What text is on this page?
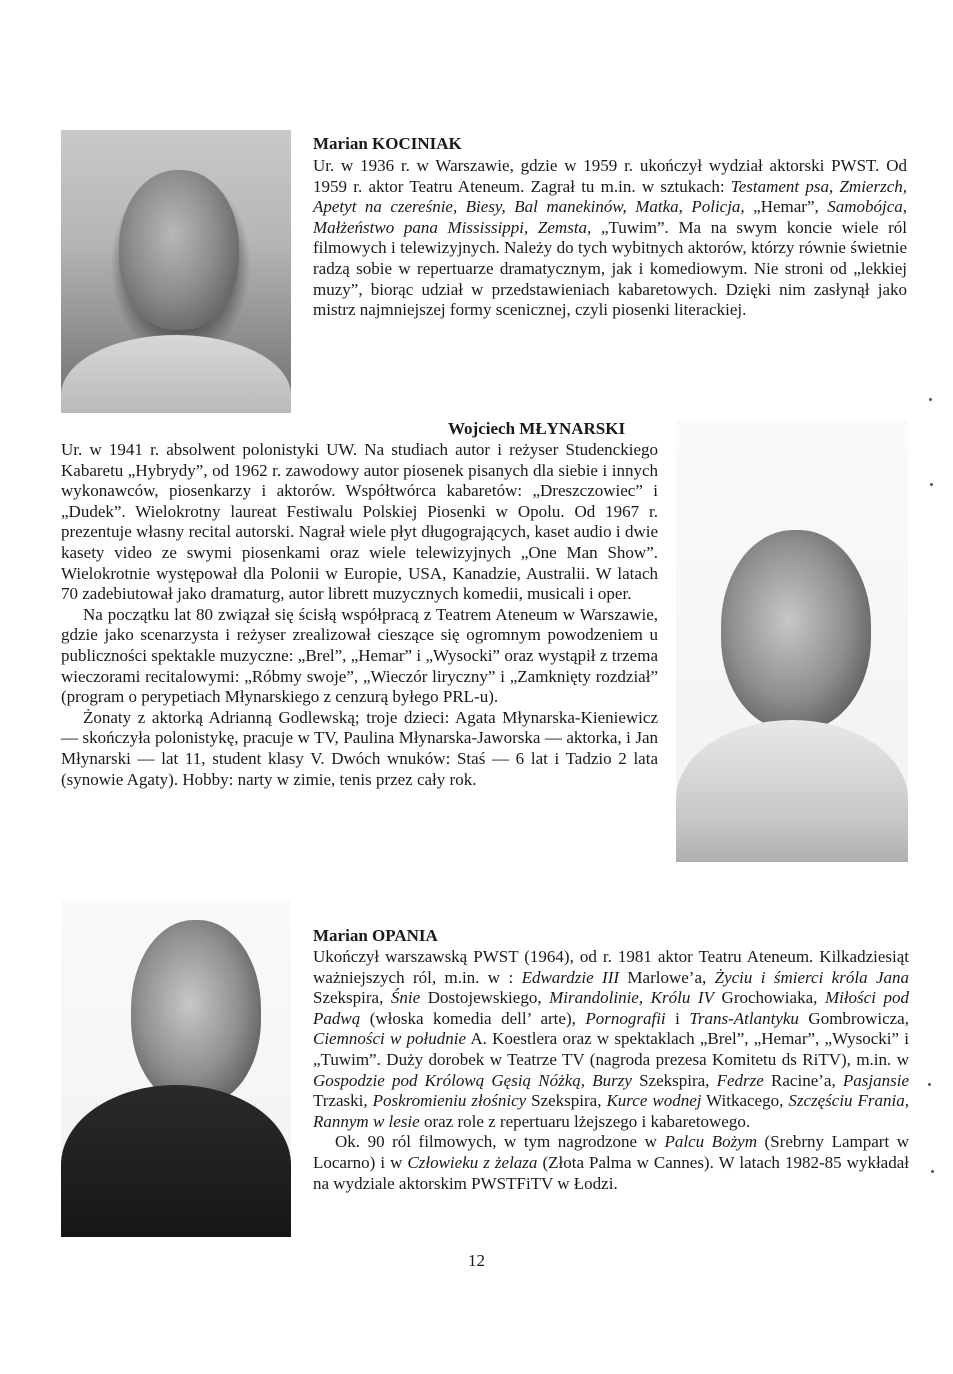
Marian KOCINIAK

Ur. w 1936 r. w Warszawie, gdzie w 1959 r. ukończył wydział aktorski PWST. Od 1959 r. aktor Teatru Ateneum. Zagrał tu m.in. w sztukach: Testament psa, Zmierzch, Apetyt na czereśnie, Biesy, Bal manekinów, Matka, Policja, „Hemar”, Samobójca, Małżeństwo pana Mississippi, Zemsta, „Tuwim”. Ma na swym koncie wiele ról filmowych i telewizyjnych. Należy do tych wybitnych aktorów, którzy równie świetnie radzą sobie w repertuarze dramatycznym, jak i komediowym. Nie stroni od „lekkiej muzy”, biorąc udział w przedstawieniach kabaretowych. Dzięki nim zasłynął jako mistrz najmniejszej formy scenicznej, czyli piosenki literackiej.

Wojciech MŁYNARSKI

Ur. w 1941 r. absolwent polonistyki UW. Na studiach autor i reżyser Studenckiego Kabaretu „Hybrydy”, od 1962 r. zawodowy autor piosenek pisanych dla siebie i innych wykonawców, piosenkarzy i aktorów. Współtwórca kabaretów: „Dreszczowiec” i „Dudek”. Wielokrotny laureat Festiwalu Polskiej Piosenki w Opolu. Od 1967 r. prezentuje własny recital autorski. Nagrał wiele płyt długogrających, kaset audio i dwie kasety video ze swymi piosenkami oraz wiele telewizyjnych „One Man Show”. Wielokrotnie występował dla Polonii w Europie, USA, Kanadzie, Australii. W latach 70 zadebiutował jako dramaturg, autor librett muzycznych komedii, musicali i oper.

Na początku lat 80 związał się ścisłą współpracą z Teatrem Ateneum w Warszawie, gdzie jako scenarzysta i reżyser zrealizował cieszące się ogromnym powodzeniem u publiczności spektakle muzyczne: „Brel”, „Hemar” i „Wysocki” oraz wystąpił z trzema wieczorami recitalowymi: „Róbmy swoje”, „Wieczór liryczny” i „Zamknięty rozdział” (program o perypetiach Młynarskiego z cenzurą byłego PRL-u).

Żonaty z aktorką Adrianną Godlewską; troje dzieci: Agata Młynarska-Kieniewicz — skończyła polonistykę, pracuje w TV, Paulina Młynarska-Jaworska — aktorka, i Jan Młynarski — lat 11, student klasy V. Dwóch wnuków: Staś — 6 lat i Tadzio 2 lata (synowie Agaty). Hobby: narty w zimie, tenis przez cały rok.

Marian OPANIA

Ukończył warszawską PWST (1964), od r. 1981 aktor Teatru Ateneum. Kilkadziesiąt ważniejszych ról, m.in. w : Edwardzie III Marlowe’a, Życiu i śmierci króla Jana Szekspira, Śnie Dostojewskiego, Mirandolinie, Królu IV Grochowiaka, Miłości pod Padwą (włoska komedia dell’ arte), Pornografii i Trans-Atlantyku Gombrowicza, Ciemności w południe A. Koestlera oraz w spektaklach „Brel”, „Hemar”, „Wysocki” i „Tuwim”. Duży dorobek w Teatrze TV (nagroda prezesa Komitetu ds RiTV), m.in. w Gospodzie pod Królową Gęsią Nóżką, Burzy Szekspira, Fedrze Racine’a, Pasjansie Trzaski, Poskromieniu złośnicy Szekspira, Kurce wodnej Witkacego, Szczęściu Frania, Rannym w lesie oraz role z repertuaru lżejszego i kabaretowego.

Ok. 90 ról filmowych, w tym nagrodzone w Palcu Bożym (Srebrny Lampart w Locarno) i w Człowieku z żelaza (Złota Palma w Cannes). W latach 1982-85 wykładał na wydziale aktorskim PWSTFiTV w Łodzi.

12
